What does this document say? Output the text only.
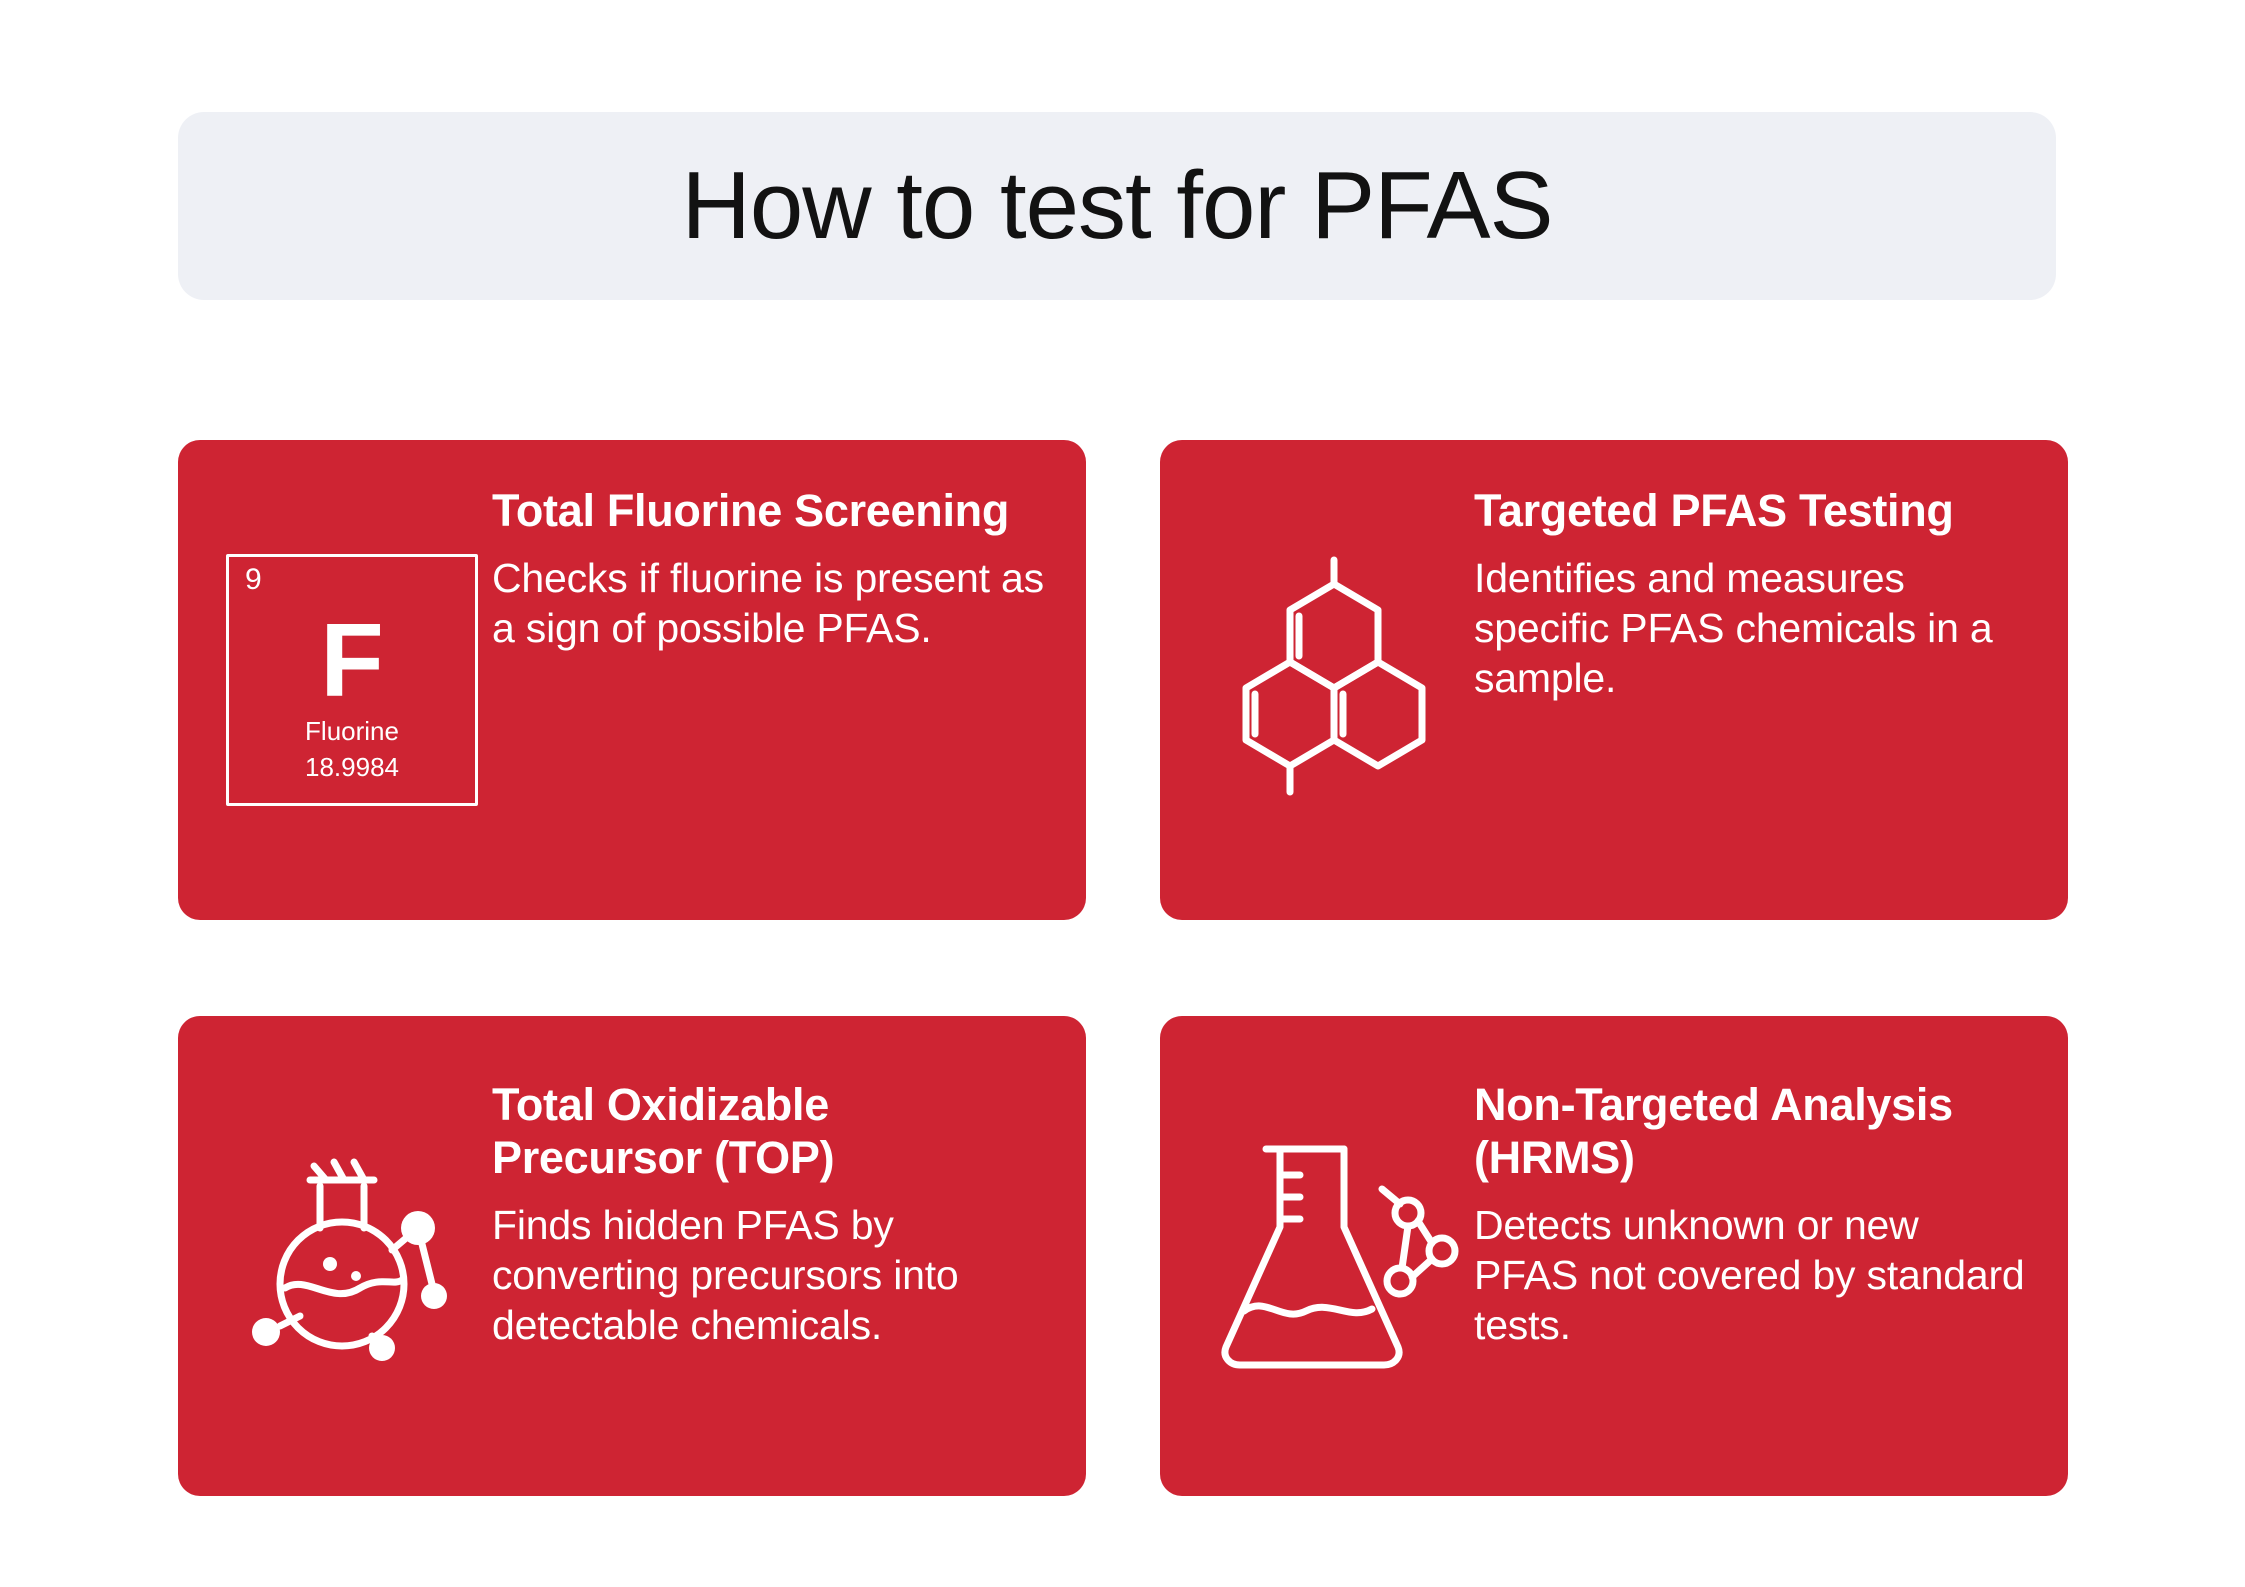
How to test for PFAS
9
F
Fluorine
18.9984
Total Fluorine Screening
Checks if fluorine is present as a sign of possible PFAS.
Targeted PFAS Testing
Identifies and measures specific PFAS chemicals in a sample.
Total Oxidizable Precursor (TOP)
Finds hidden PFAS by converting precursors into detectable chemicals.
Non-Targeted Analysis (HRMS)
Detects unknown or new PFAS not covered by standard tests.
